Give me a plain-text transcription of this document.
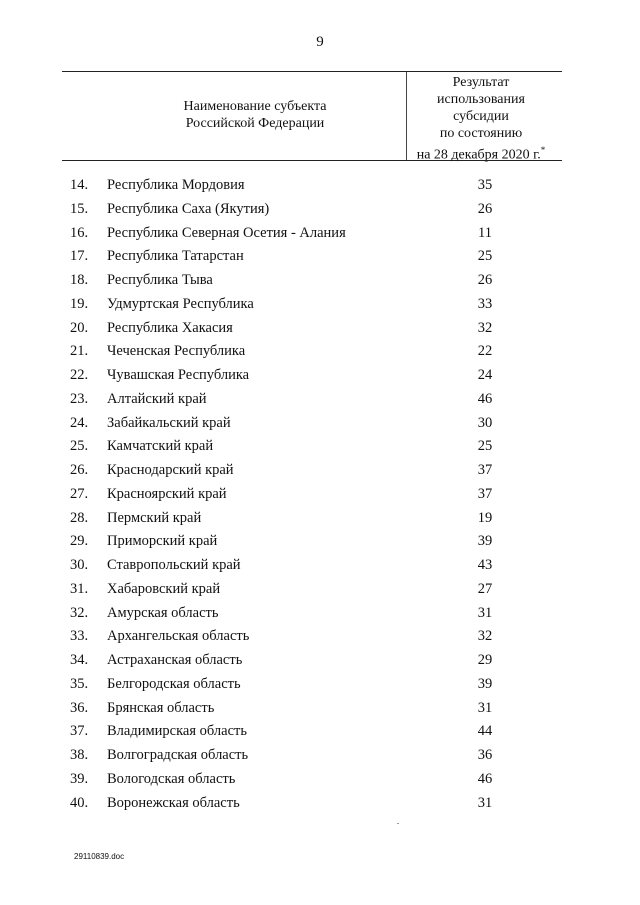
9
Наименование субъекта
Российской Федерации
Результат
использования
субсидии
по состоянию
на 28 декабря 2020 г.*
14.	Республика Мордовия	35
15.	Республика Саха (Якутия)	26
16.	Республика Северная Осетия - Алания	11
17.	Республика Татарстан	25
18.	Республика Тыва	26
19.	Удмуртская Республика	33
20.	Республика Хакасия	32
21.	Чеченская Республика	22
22.	Чувашская Республика	24
23.	Алтайский край	46
24.	Забайкальский край	30
25.	Камчатский край	25
26.	Краснодарский край	37
27.	Красноярский край	37
28.	Пермский край	19
29.	Приморский край	39
30.	Ставропольский край	43
31.	Хабаровский край	27
32.	Амурская область	31
33.	Архангельская область	32
34.	Астраханская область	29
35.	Белгородская область	39
36.	Брянская область	31
37.	Владимирская область	44
38.	Волгоградская область	36
39.	Вологодская область	46
40.	Воронежская область	31
29110839.doc
